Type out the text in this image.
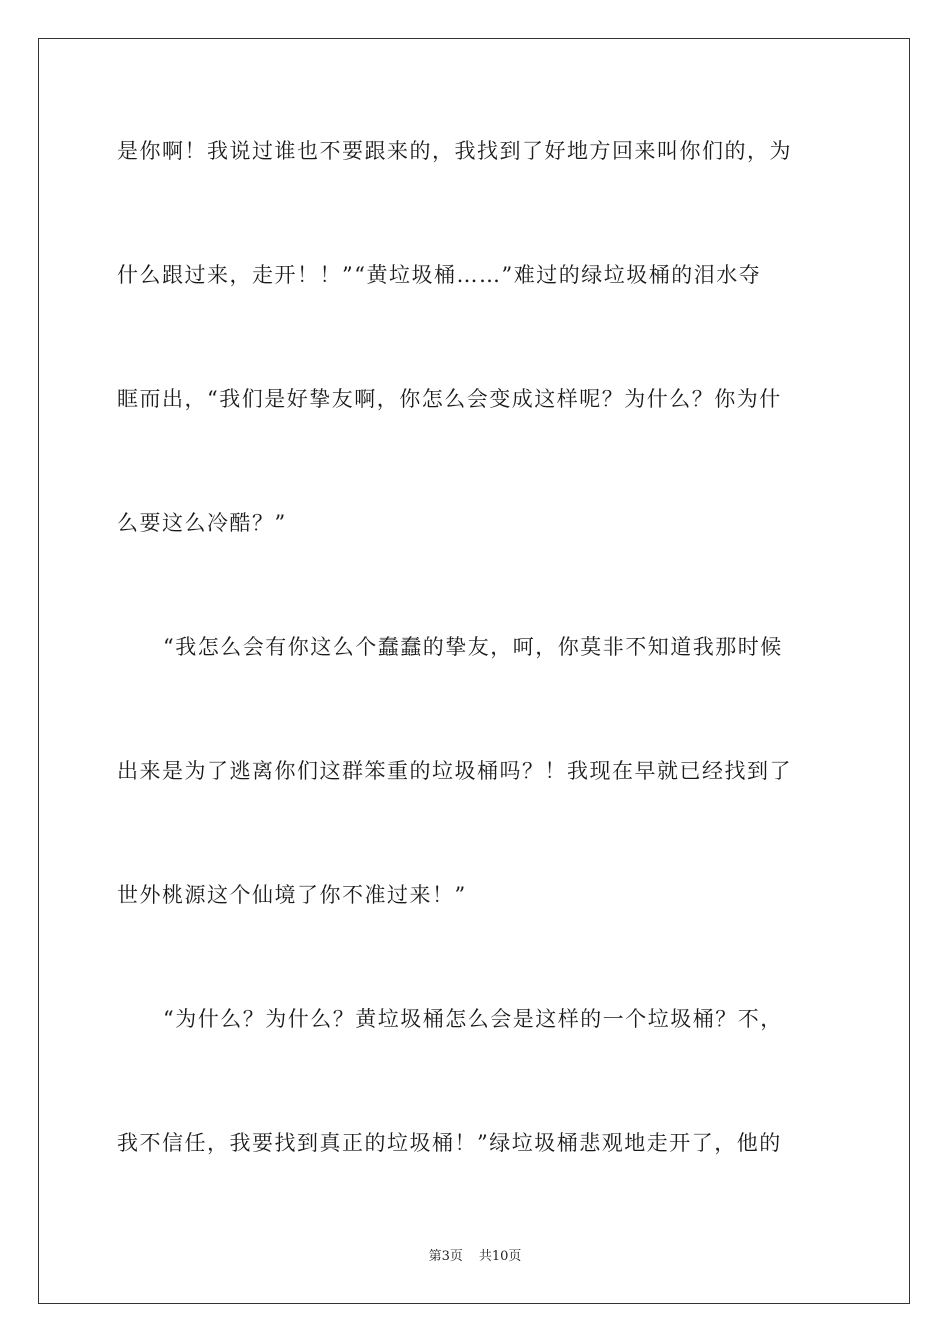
是你啊！我说过谁也不要跟来的，我找到了好地方回来叫你们的，为
什么跟过来，走开！！”“黄垃圾桶……”难过的绿垃圾桶的泪水夺
眶而出，“我们是好挚友啊，你怎么会变成这样呢？为什么？你为什
么要这么冷酷？”
“我怎么会有你这么个蠢蠢的挚友，呵，你莫非不知道我那时候
出来是为了逃离你们这群笨重的垃圾桶吗？！我现在早就已经找到了
世外桃源这个仙境了你不准过来！”
“为什么？为什么？黄垃圾桶怎么会是这样的一个垃圾桶？不，
我不信任，我要找到真正的垃圾桶！”绿垃圾桶悲观地走开了，他的
第3页 共10页
